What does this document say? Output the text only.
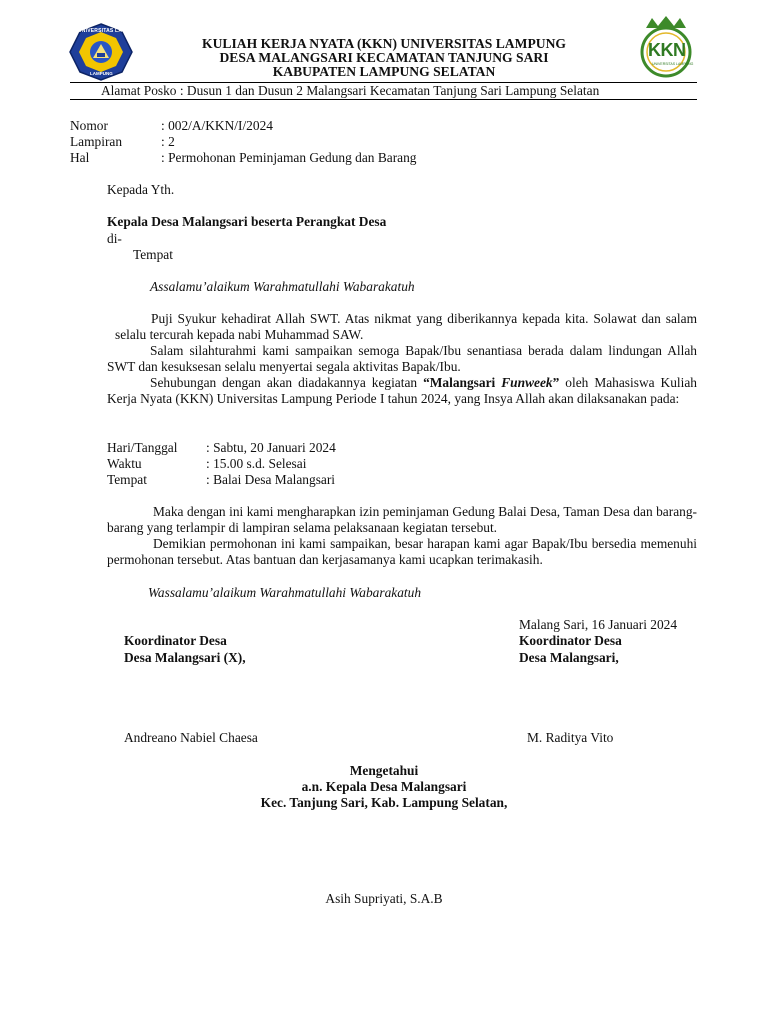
UNIVERSITAS LAMPUNG
LAMPUNG
KULIAH KERJA NYATA (KKN) UNIVERSITAS LAMPUNG
DESA MALANGSARI KECAMATAN TANJUNG SARI
KABUPATEN LAMPUNG SELATAN
KKN
UNIVERSITAS LAMPUNG
Alamat Posko : Dusun 1 dan Dusun 2 Malangsari Kecamatan Tanjung Sari Lampung Selatan
Nomor	: 002/A/KKN/I/2024
Lampiran	: 2
Hal	: Permohonan Peminjaman Gedung dan Barang
Kepada Yth.
Kepala Desa Malangsari beserta Perangkat Desa
di-
Tempat
Assalamu’alaikum Warahmatullahi Wabarakatuh
Puji Syukur kehadirat Allah SWT. Atas nikmat yang diberikannya kepada kita. Solawat dan salam selalu tercurah kepada nabi Muhammad SAW.
Salam silahturahmi kami sampaikan semoga Bapak/Ibu senantiasa berada dalam lindungan Allah SWT dan kesuksesan selalu menyertai segala aktivitas Bapak/Ibu.
Sehubungan dengan akan diadakannya kegiatan “Malangsari Funweek” oleh Mahasiswa Kuliah Kerja Nyata (KKN) Universitas Lampung Periode I tahun 2024, yang Insya Allah akan dilaksanakan pada:
Hari/Tanggal : Sabtu, 20 Januari 2024
Waktu	: 15.00 s.d. Selesai
Tempat	: Balai Desa Malangsari
Maka dengan ini kami mengharapkan izin peminjaman Gedung Balai Desa, Taman Desa dan barang-barang yang terlampir di lampiran selama pelaksanaan kegiatan tersebut.
Demikian permohonan ini kami sampaikan, besar harapan kami agar Bapak/Ibu bersedia memenuhi permohonan tersebut. Atas bantuan dan kerjasamanya kami ucapkan terimakasih.
Wassalamu’alaikum Warahmatullahi Wabarakatuh
Malang Sari, 16 Januari 2024
Koordinator Desa
Desa Malangsari (X),
Koordinator Desa
Desa Malangsari,
Andreano Nabiel Chaesa	M. Raditya Vito
Mengetahui
a.n. Kepala Desa Malangsari
Kec. Tanjung Sari, Kab. Lampung Selatan,
Asih Supriyati, S.A.B
